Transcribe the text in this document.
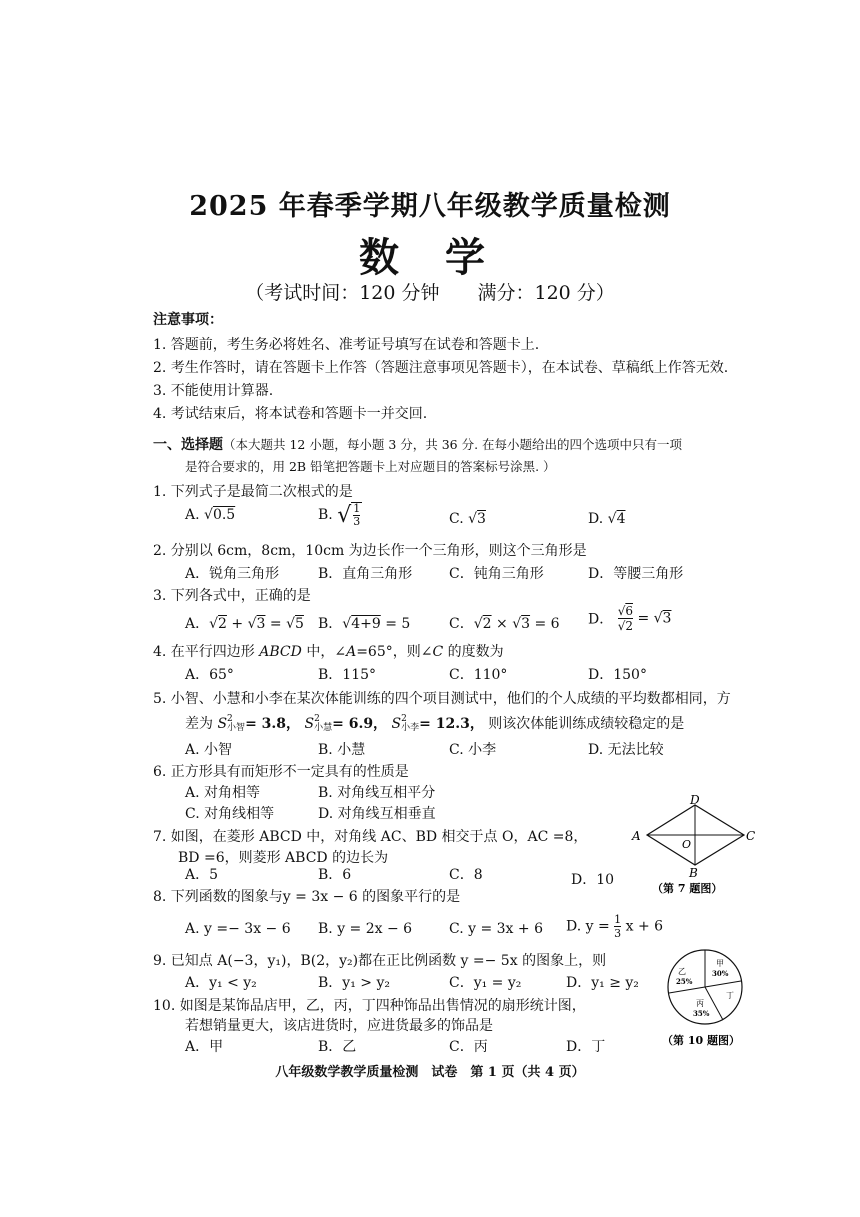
2025 年春季学期八年级教学质量检测
数 学
（考试时间：120 分钟　　满分：120 分）
注意事项：
1. 答题前，考生务必将姓名、准考证号填写在试卷和答题卡上.
2. 考生作答时，请在答题卡上作答（答题注意事项见答题卡），在本试卷、草稿纸上作答无效.
3. 不能使用计算器.
4. 考试结束后，将本试卷和答题卡一并交回.
一、选择题（本大题共 12 小题，每小题 3 分，共 36 分. 在每小题给出的四个选项中只有一项
是符合要求的，用 2B 铅笔把答题卡上对应题目的答案标号涂黑. ）
1. 下列式子是最简二次根式的是
A. √0.5	B. √ $\frac{1}{3}$	C. √3	D. √4
2. 分别以 6cm，8cm，10cm 为边长作一个三角形，则这个三角形是
A．锐角三角形	B．直角三角形	C．钝角三角形	D．等腰三角形
3. 下列各式中，正确的是
A．√2 + √3 = √5 B．√4+9 = 5	C．√2 × √3 = 6 D． $\frac{√6}{√2} = √3$
4. 在平行四边形 ABCD 中，∠A=65°，则∠C 的度数为
A．65°	B．115°	C．110°	D．150°
5. 小智、小慧和小李在某次体能训练的四个项目测试中，他们的个人成绩的平均数都相同，方
差为 S 2
小智 = 3.8， S 2
小慧 = 6.9， S 2
小李 = 12.3， 则该次体能训练成绩较稳定的是
A. 小智	B. 小慧	C. 小李	D. 无法比较
6. 正方形具有而矩形不一定具有的性质是
A. 对角相等	B. 对角线互相平分
C. 对角线相等	D. 对角线互相垂直
7. 如图，在菱形 ABCD 中，对角线 AC、BD 相交于点 O，AC =8，
BD =6，则菱形 ABCD 的边长为
A．5	B．6	C．8	D．10
A
D
C
B
O
（第 7 题图）
8. 下列函数的图象与y = 3x − 6 的图象平行的是
A. y =− 3x − 6 B. y = 2x − 6	C. y = 3x + 6 D. $y = \frac{1}{3}$ x + 6
9. 已知点 A(−3，y₁)，B(2，y₂)都在正比例函数 y =− 5x 的图象上，则
A．y₁ < y₂	B．y₁ > y₂	C．y₁ = y₂	D．y₁ ≥ y₂
10. 如图是某饰品店甲，乙，丙，丁四种饰品出售情况的扇形统计图，
若想销量更大，该店进货时，应进货最多的饰品是
A．甲	B．乙	C．丙	D．丁
甲
30%
乙
25%
丙
35%
丁
（第 10 题图）
八年级数学教学质量检测　试卷　第 1 页（共 4 页）
